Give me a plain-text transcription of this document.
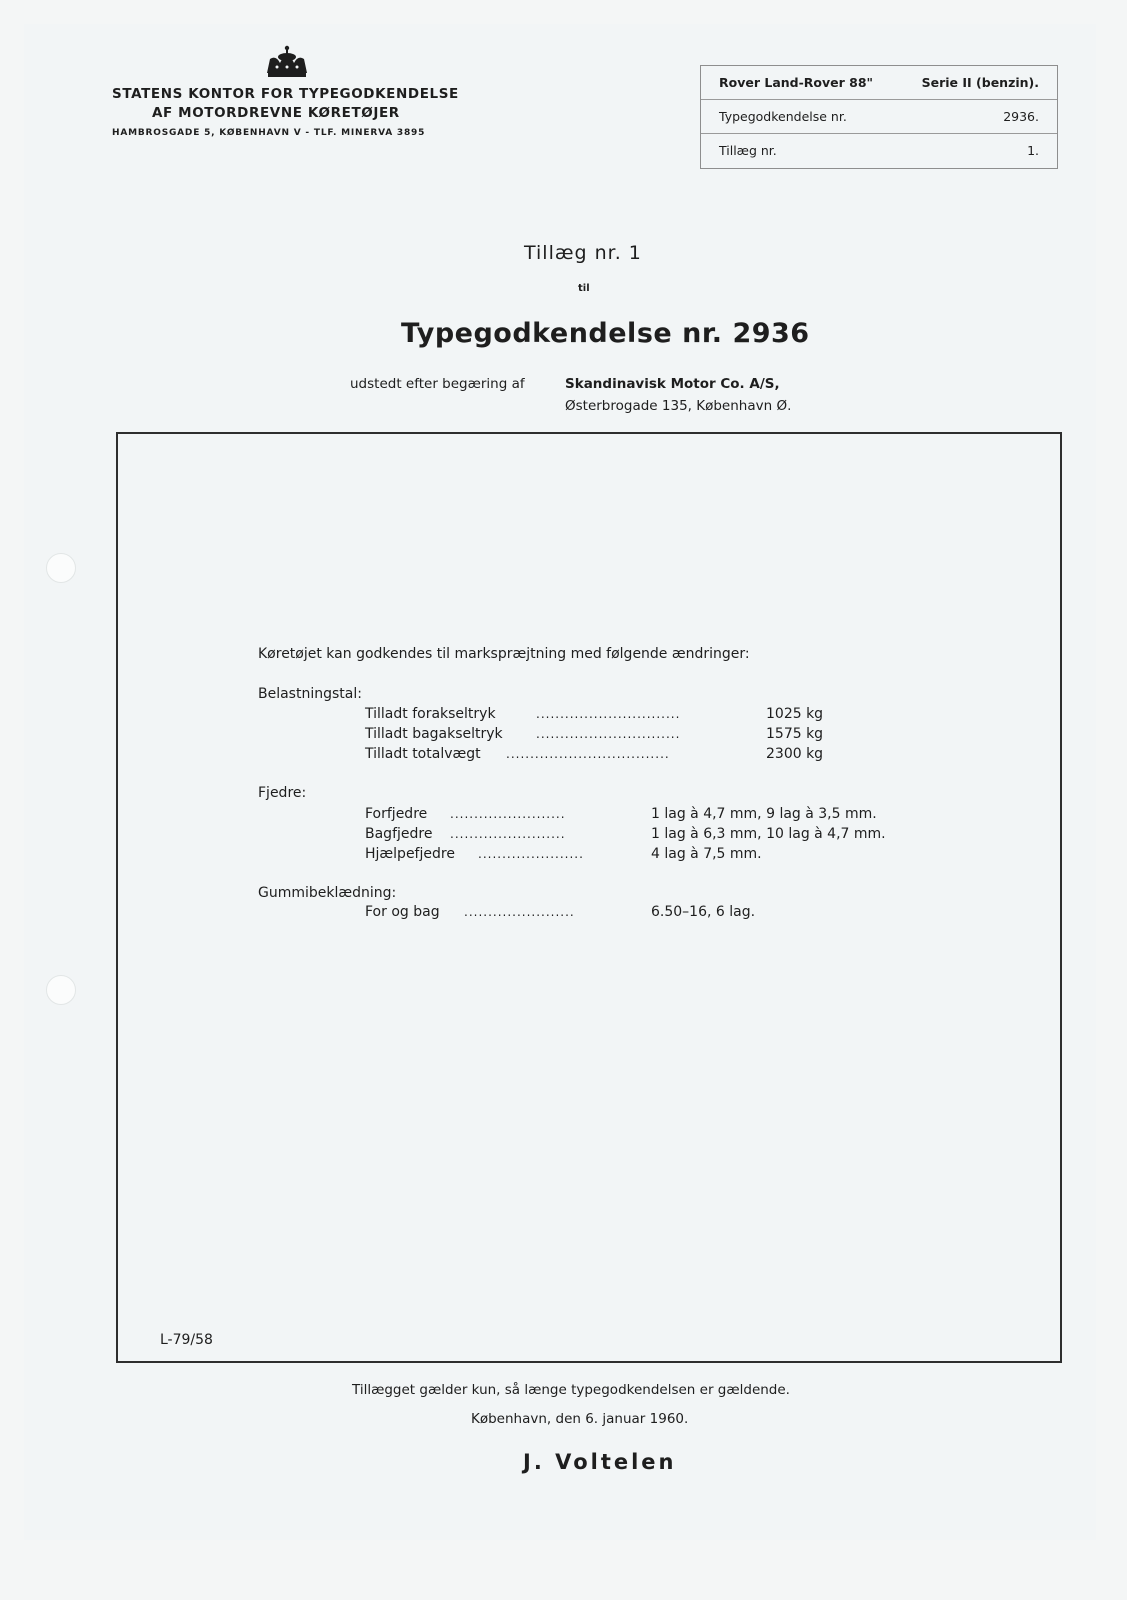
STATENS KONTOR FOR TYPEGODKENDELSE
AF MOTORDREVNE KØRETØJER
HAMBROSGADE 5, KØBENHAVN V - TLF. MINERVA 3895
Rover Land-Rover 88"	Serie II (benzin).
Typegodkendelse nr.	2936.
Tillæg nr.	1.
Tillæg nr. 1
til
Typegodkendelse nr. 2936
udstedt efter begæring af	Skandinavisk Motor Co. A/S,
Østerbrogade 135, København Ø.
Køretøjet kan godkendes til markspræjtning med følgende ændringer:
Belastningstal:
Tilladt forakseltryk	..............................	1025 kg
Tilladt bagakseltryk	..............................	1575 kg
Tilladt totalvægt ..................................	2300 kg
Fjedre:
Forfjedre ........................	1 lag à 4,7 mm, 9 lag à 3,5 mm.
Bagfjedre ........................	1 lag à 6,3 mm, 10 lag à 4,7 mm.
Hjælpefjedre ......................	4 lag à 7,5 mm.
Gummibeklædning:
For og bag .......................	6.50–16, 6 lag.
L-79/58
Tillægget gælder kun, så længe typegodkendelsen er gældende.
København, den 6. januar 1960.
J. Voltelen
